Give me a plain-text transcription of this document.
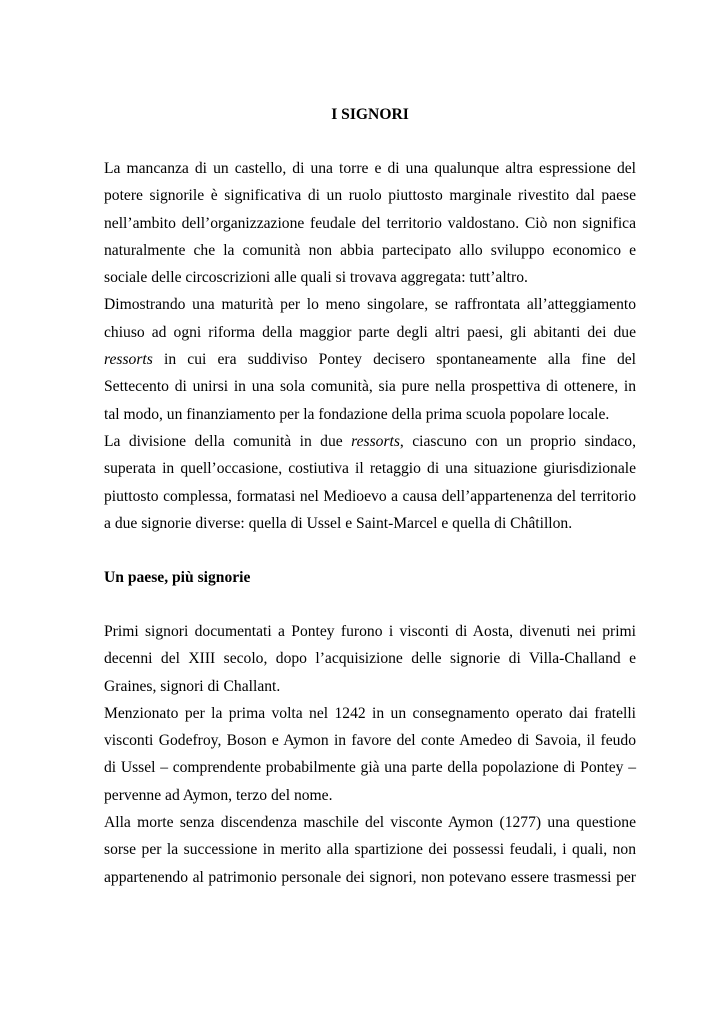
I SIGNORI

La mancanza di un castello, di una torre e di una qualunque altra espressione del
potere signorile è significativa di un ruolo piuttosto marginale rivestito dal paese
nell’ambito dell’organizzazione feudale del territorio valdostano. Ciò non significa
naturalmente che la comunità non abbia partecipato allo sviluppo economico e
sociale delle circoscrizioni alle quali si trovava aggregata: tutt’altro.

Dimostrando una maturità per lo meno singolare, se raffrontata all’atteggiamento
chiuso ad ogni riforma della maggior parte degli altri paesi, gli abitanti dei due
ressorts in cui era suddiviso Pontey decisero spontaneamente alla fine del
Settecento di unirsi in una sola comunità, sia pure nella prospettiva di ottenere, in
tal modo, un finanziamento per la fondazione della prima scuola popolare locale.

La divisione della comunità in due ressorts, ciascuno con un proprio sindaco,
superata in quell’occasione, costiutiva il retaggio di una situazione giurisdizionale
piuttosto complessa, formatasi nel Medioevo a causa dell’appartenenza del territorio
a due signorie diverse: quella di Ussel e Saint-Marcel e quella di Châtillon.

Un paese, più signorie

Primi signori documentati a Pontey furono i visconti di Aosta, divenuti nei primi
decenni del XIII secolo, dopo l’acquisizione delle signorie di Villa-Challand e
Graines, signori di Challant.

Menzionato per la prima volta nel 1242 in un consegnamento operato dai fratelli
visconti Godefroy, Boson e Aymon in favore del conte Amedeo di Savoia, il feudo
di Ussel – comprendente probabilmente già una parte della popolazione di Pontey –
pervenne ad Aymon, terzo del nome.

Alla morte senza discendenza maschile del visconte Aymon (1277) una questione
sorse per la successione in merito alla spartizione dei possessi feudali, i quali, non
appartenendo al patrimonio personale dei signori, non potevano essere trasmessi per
